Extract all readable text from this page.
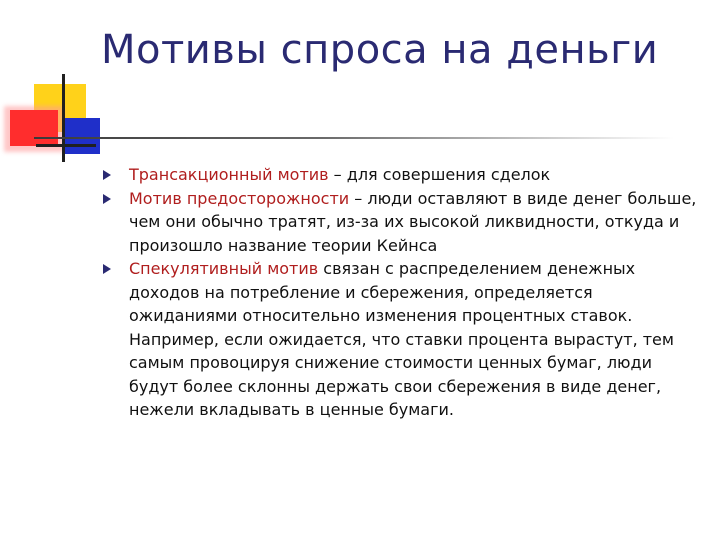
Мотивы спроса на деньги
Трансакционный мотив – для совершения сделок
Мотив предосторожности – люди оставляют в виде денег больше, чем они обычно тратят, из-за их высокой ликвидности, откуда и произошло название теории Кейнса
Спекулятивный мотив связан с распределением денежных доходов на потребление и сбережения, определяется ожиданиями относительно изменения процентных ставок. Например, если ожидается, что ставки процента вырастут, тем самым провоцируя снижение стоимости ценных бумаг, люди будут более склонны держать свои сбережения в виде денег, нежели вкладывать в ценные бумаги.
